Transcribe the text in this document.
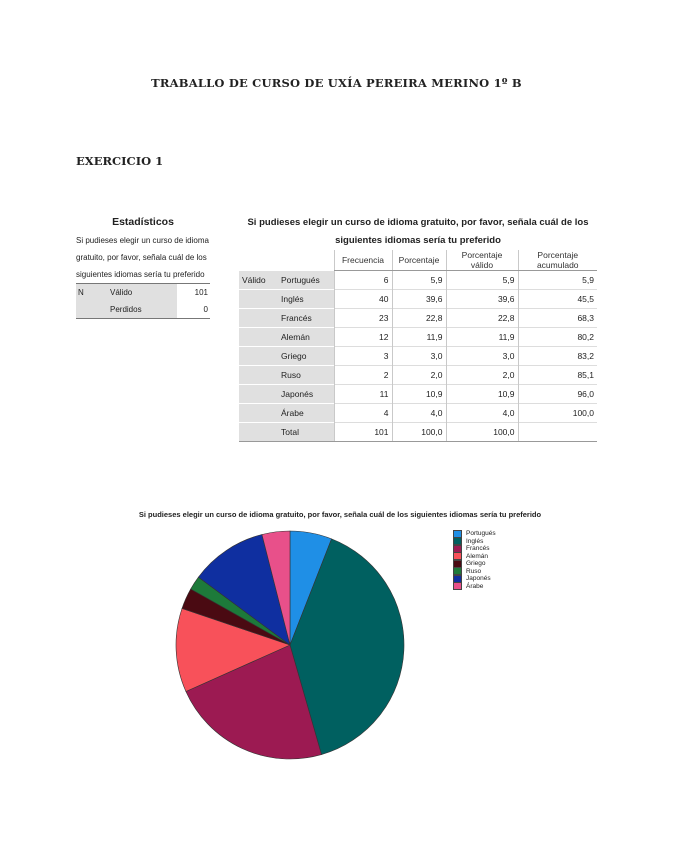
TRABALLO DE CURSO DE UXÍA PEREIRA MERINO 1º B
EXERCICIO 1
Estadísticos
Si pudieses elegir un curso de idioma gratuito, por favor, señala cuál de los siguientes idiomas sería tu preferido
N	Válido	101
	Perdidos	0
Si pudieses elegir un curso de idioma gratuito, por favor, señala cuál de los siguientes idiomas sería tu preferido
		Frecuencia	Porcentaje	Porcentaje válido	Porcentaje acumulado
Válido	Portugués	6	5,9	5,9	5,9
	Inglés	40	39,6	39,6	45,5
	Francés	23	22,8	22,8	68,3
	Alemán	12	11,9	11,9	80,2
	Griego	3	3,0	3,0	83,2
	Ruso	2	2,0	2,0	85,1
	Japonés	11	10,9	10,9	96,0
	Árabe	4	4,0	4,0	100,0
	Total	101	100,0	100,0	
Si pudieses elegir un curso de idioma gratuito, por favor, señala cuál de los siguientes idiomas sería tu preferido
Portugués
Inglés
Francés
Alemán
Griego
Ruso
Japonés
Árabe
